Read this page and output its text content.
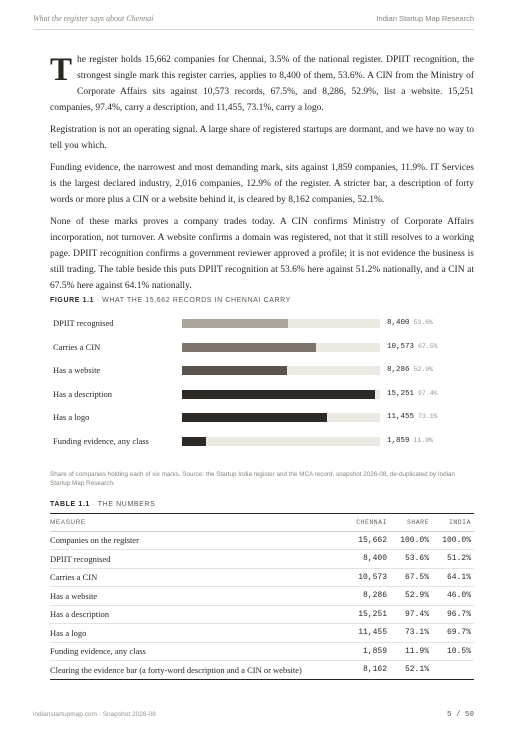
What the register says about Chennai	Indian Startup Map Research

The register holds 15,662 companies for Chennai, 3.5% of the national register. DPIIT recognition, the strongest single mark this register carries, applies to 8,400 of them, 53.6%. A CIN from the Ministry of Corporate Affairs sits against 10,573 records, 67.5%, and 8,286, 52.9%, list a website. 15,251 companies, 97.4%, carry a description, and 11,455, 73.1%, carry a logo.

Registration is not an operating signal. A large share of registered startups are dormant, and we have no way to tell you which.

Funding evidence, the narrowest and most demanding mark, sits against 1,859 companies, 11.9%. IT Services is the largest declared industry, 2,016 companies, 12.9% of the register. A stricter bar, a description of forty words or more plus a CIN or a website behind it, is cleared by 8,162 companies, 52.1%.

None of these marks proves a company trades today. A CIN confirms Ministry of Corporate Affairs incorporation, not turnover. A website confirms a domain was registered, not that it still resolves to a working page. DPIIT recognition confirms a government reviewer approved a profile; it is not evidence the business is still trading. The table beside this puts DPIIT recognition at 53.6% here against 51.2% nationally, and a CIN at 67.5% here against 64.1% nationally.

FIGURE 1.1 · WHAT THE 15,662 RECORDS IN CHENNAI CARRY
DPIIT recognised	8,400 53.6%
Carries a CIN	10,573 67.5%
Has a website	8,286 52.9%
Has a description	15,251 97.4%
Has a logo	11,455 73.1%
Funding evidence, any class	1,859 11.9%
Share of companies holding each of six marks. Source: the Startup India register and the MCA record, snapshot 2026-08, de-duplicated by Indian Startup Map Research.
TABLE 1.1 · THE NUMBERS
MEASURE	CHENNAI	SHARE	INDIA
Companies on the register	15,662	100.0%	100.0%
DPIIT recognised	8,400	53.6%	51.2%
Carries a CIN	10,573	67.5%	64.1%
Has a website	8,286	52.9%	46.0%
Has a description	15,251	97.4%	96.7%
Has a logo	11,455	73.1%	69.7%
Funding evidence, any class	1,859	11.9%	10.5%
Clearing the evidence bar (a forty-word description and a CIN or website)	8,162	52.1%	
indianstartupmap.com · Snapshot 2026-08	5 / 50
